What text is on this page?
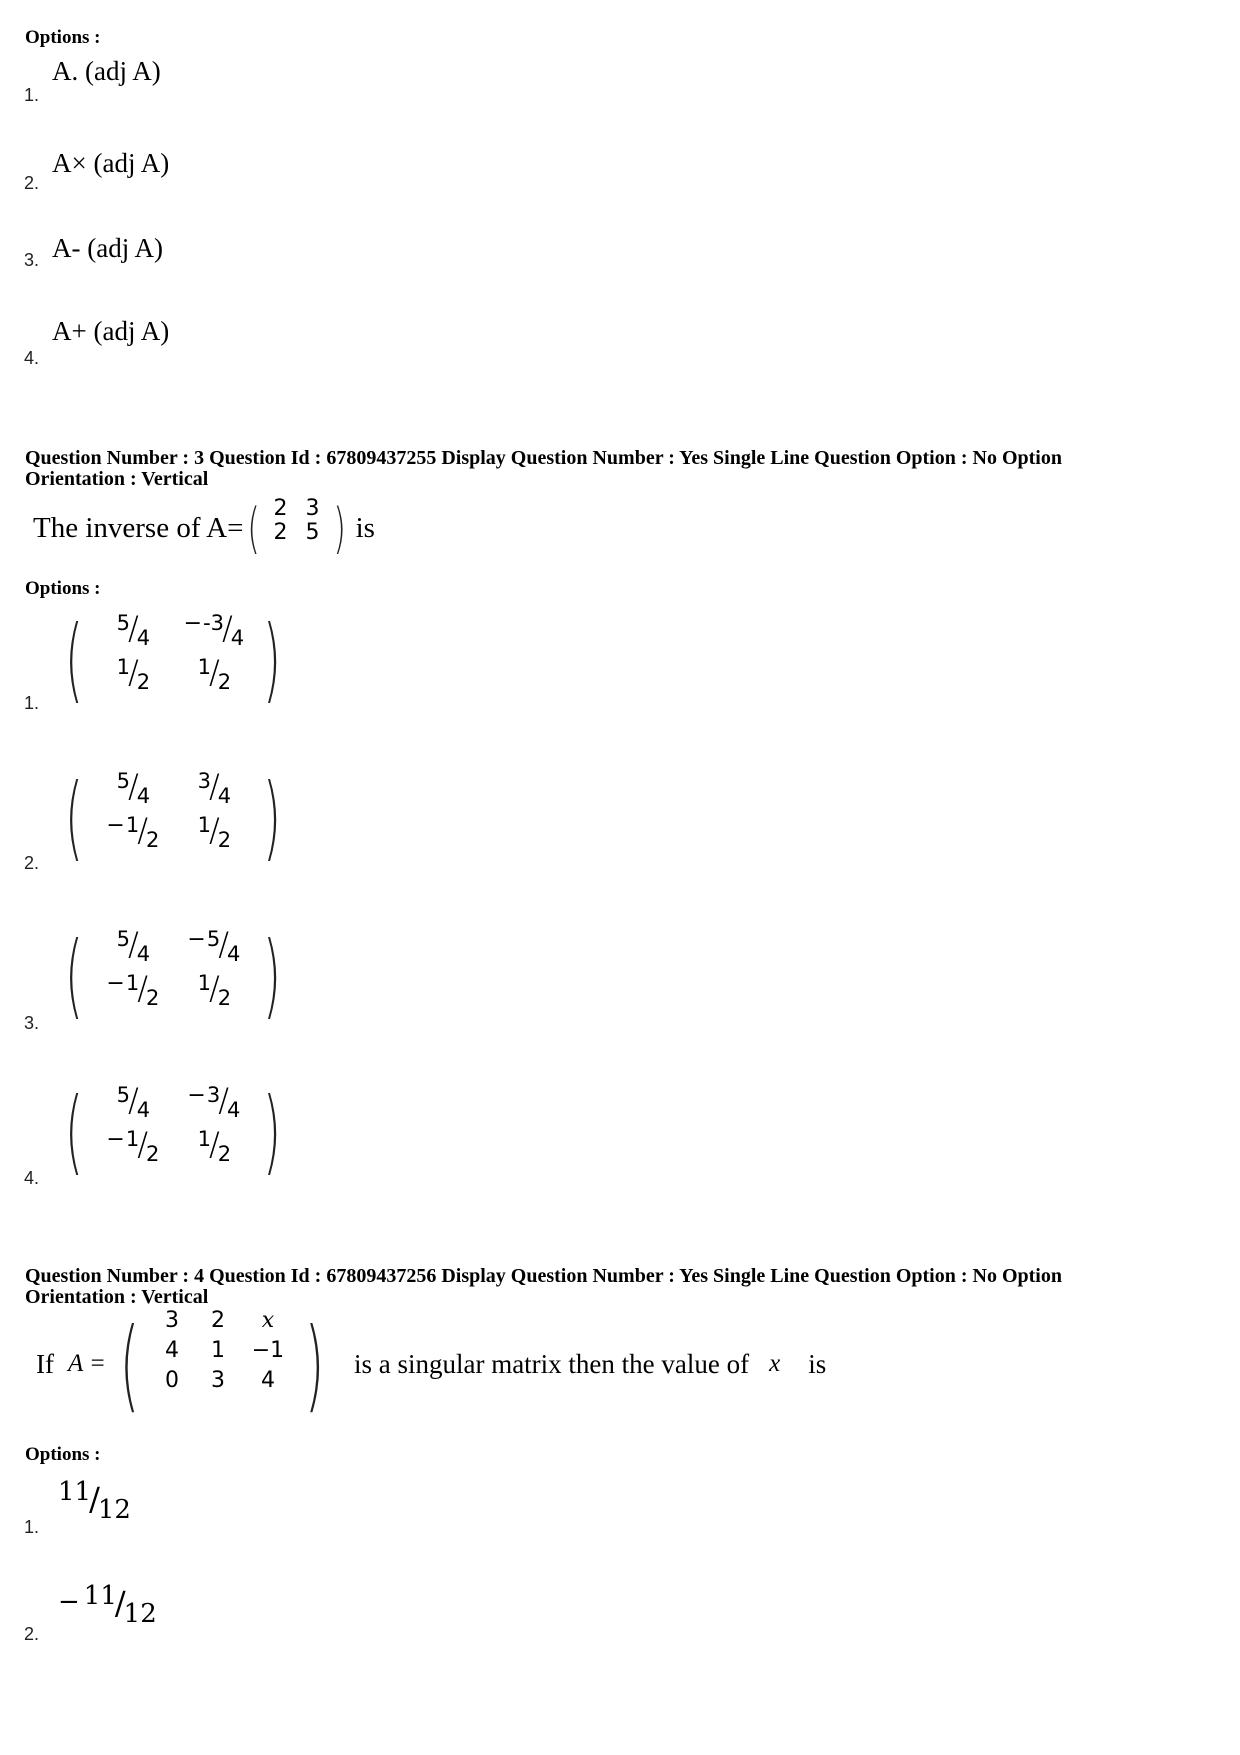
Options :
1.
A. (adj A)
2.
A× (adj A)
3. A- (adj A)
4.
A+ (adj A)
Question Number : 3 Question Id : 67809437255 Display Question Number : Yes Single Line Question Option : No Option
Orientation : Vertical
The inverse of A= ( 2 3
2 5 ) is
Options :
1. ( 5/4
−-3/4
1/2
1/2 )
2. ( 5/4
3/4
−1/2
1/2 )
3. ( 5/4
−5/4
−1/2
1/2 )
4. ( 5/4
−3/4
−1/2
1/2 )
Question Number : 4 Question Id : 67809437256 Display Question Number : Yes Single Line Question Option : No Option
Orientation : Vertical
If A = ( 3 2 x
4 1 −1
0 3 4 ) is a singular matrix then the value of x is
Options :
1.
11/12
2.
− 11/12
